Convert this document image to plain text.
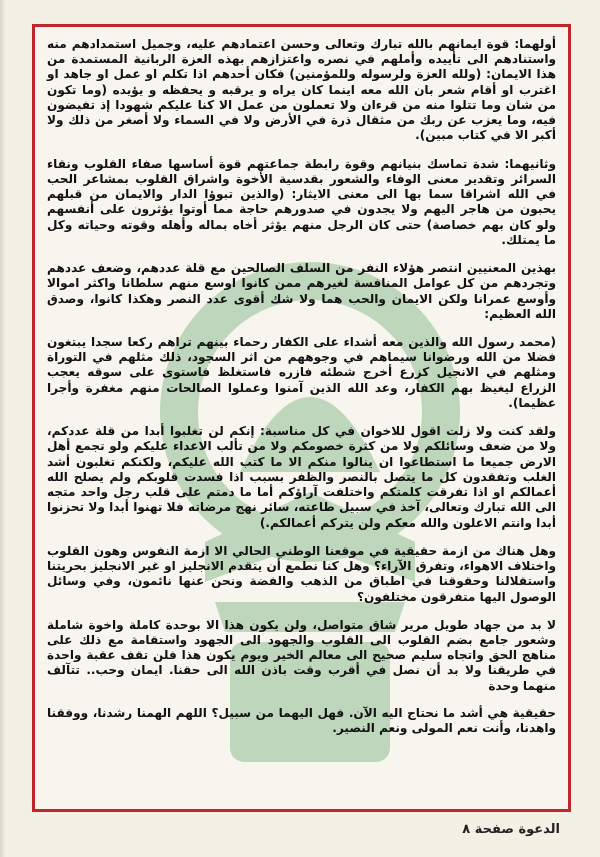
أولهما: قوة ايمانهم بالله تبارك وتعالى وحسن اعتمادهم عليه، وجميل استمدادهم منه واستنادهم الى تأييده وأملهم في نصره واعتزازهم بهذه العزة الربانية المستمدة من هذا الايمان: (ولله العزة ولرسوله وللمؤمنين) فكان أحدهم اذا تكلم او عمل او جاهد او اغترب او أقام شعر بان الله معه اينما كان يراه و يرقبه و يحفظه و يؤيده (وما تكون من شان وما تتلوا منه من قرءان ولا تعملون من عمل الا كنا عليكم شهودا إذ تفيضون فيه، وما يعزب عن ربك من مثقال ذرة في الأرض ولا في السماء ولا أصغر من ذلك ولا أكبر الا في كتاب مبين).

وثانيهما: شدة تماسك بنيانهم وقوة رابطة جماعتهم قوة أساسها صفاء القلوب ونقاء السرائر وتقدير معنى الوفاء والشعور بقدسية الأخوة واشراق القلوب بمشاعر الحب في الله اشراقا سما بها الى معنى الايثار: (والذين تبوؤا الدار والايمان من قبلهم يحبون من هاجر اليهم ولا يجدون في صدورهم حاجة مما أوتوا يؤثرون على أنفسهم ولو كان بهم خصاصة) حتى كان الرجل منهم يؤثر أخاه بماله وأهله وقوته وحياته وكل ما يمتلك.

بهذين المعنيين انتصر هؤلاء النفر من السلف الصالحين مع قلة عددهم، وضعف عددهم وتجردهم من كل عوامل المنافسة لغيرهم ممن كانوا اوسع منهم سلطانا واكثر اموالا وأوسع عمرانا ولكن الايمان والحب هما ولا شك أقوى عدد النصر وهكذا كانوا، وصدق الله العظيم:

(محمد رسول الله والذين معه أشداء على الكفار رحماء بينهم تراهم ركعا سجدا يبتغون فضلا من الله ورضوانا سيماهم في وجوههم من اثر السجود، ذلك مثلهم في التوراة ومثلهم في الانجيل كزرع أخرج شطئه فازره فاستغلظ فاستوى على سوقه يعجب الزراع ليغيظ بهم الكفار، وعد الله الذين آمنوا وعملوا الصالحات منهم مغفرة وأجرا عظيما).

ولقد كنت ولا زلت اقول للاخوان في كل مناسبة: إنكم لن تغلبوا أبدا من قلة عددكم، ولا من ضعف وسائلكم ولا من كثرة خصومكم ولا من تألب الاعداء عليكم ولو تجمع أهل الارض جميعا ما استطاعوا ان ينالوا منكم الا ما كتب الله عليكم، ولكنكم تغلبون أشد الغلب وتفقدون كل ما يتصل بالنصر والظفر بسبب اذا فسدت قلوبكم ولم يصلح الله أعمالكم او اذا تفرقت كلمتكم واختلفت آراؤكم أما ما دمتم على قلب رجل واحد متجه الى الله تبارك وتعالى، آخذ في سبيل طاعته، سائر نهج مرضاته فلا تهنوا أبدا ولا تحزنوا أبدا وانتم الاعلون والله معكم ولن يتركم أعمالكم.)

وهل هناك من ازمة حقيقية في موقعنا الوطني الحالي الا ازمة النفوس وهون القلوب واختلاف الاهواء، وتفرق الآراء؟ وهل كنا نطمع أن يتقدم الانجليز او غير الانجليز بحريتنا واستقلالنا وحقوقنا في اطباق من الذهب والفضة ونحن عنها نائمون، وفي وسائل الوصول اليها متفرقون مختلفون؟

لا بد من جهاد طويل مرير شاق متواصل، ولن يكون هذا الا بوحدة كاملة واخوة شاملة وشعور جامع بضم القلوب الى القلوب والجهود الى الجهود واستقامة مع ذلك على مناهج الحق واتجاه سليم صحيح الى معالم الخير ويوم يكون هذا فلن تقف عقبة واحدة في طريقنا ولا بد أن نصل في أقرب وقت باذن الله الى حقنا. ايمان وحب.. تتآلف منهما وحدة

حقيقية هي أشد ما نحتاج اليه الآن. فهل اليهما من سبيل؟ اللهم الهمنا رشدنا، ووفقنا واهدنا، وأنت نعم المولى ونعم النصير.

الدعوة صفحة ٨
